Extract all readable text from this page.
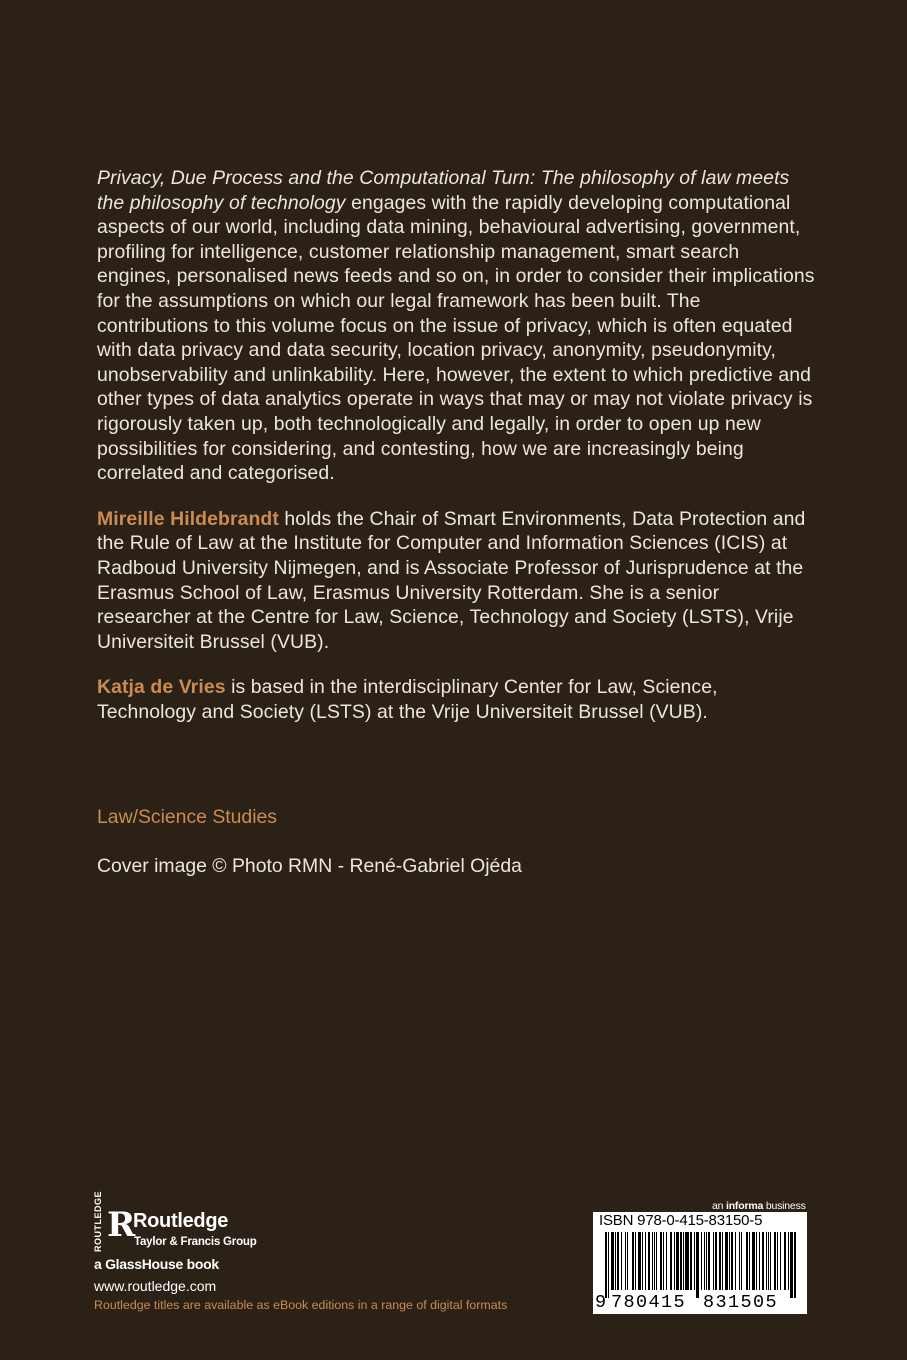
Privacy, Due Process and the Computational Turn: The philosophy of law meets the philosophy of technology engages with the rapidly developing computational aspects of our world, including data mining, behavioural advertising, government, profiling for intelligence, customer relationship management, smart search engines, personalised news feeds and so on, in order to consider their implications for the assumptions on which our legal framework has been built. The contributions to this volume focus on the issue of privacy, which is often equated with data privacy and data security, location privacy, anonymity, pseudonymity, unobservability and unlinkability. Here, however, the extent to which predictive and other types of data analytics operate in ways that may or may not violate privacy is rigorously taken up, both technologically and legally, in order to open up new possibilities for considering, and contesting, how we are increasingly being correlated and categorised.

Mireille Hildebrandt holds the Chair of Smart Environments, Data Protection and the Rule of Law at the Institute for Computer and Information Sciences (ICIS) at Radboud University Nijmegen, and is Associate Professor of Jurisprudence at the Erasmus School of Law, Erasmus University Rotterdam. She is a senior researcher at the Centre for Law, Science, Technology and Society (LSTS), Vrije Universiteit Brussel (VUB).

Katja de Vries is based in the interdisciplinary Center for Law, Science, Technology and Society (LSTS) at the Vrije Universiteit Brussel (VUB).

Law/Science Studies
Cover image © Photo RMN - René-Gabriel Ojéda
ROUTLEDGE R
Routledge
Taylor & Francis Group
a GlassHouse book
www.routledge.com
Routledge titles are available as eBook editions in a range of digital formats
an informa business
ISBN 978-0-415-83150-5
9 780415 831505
